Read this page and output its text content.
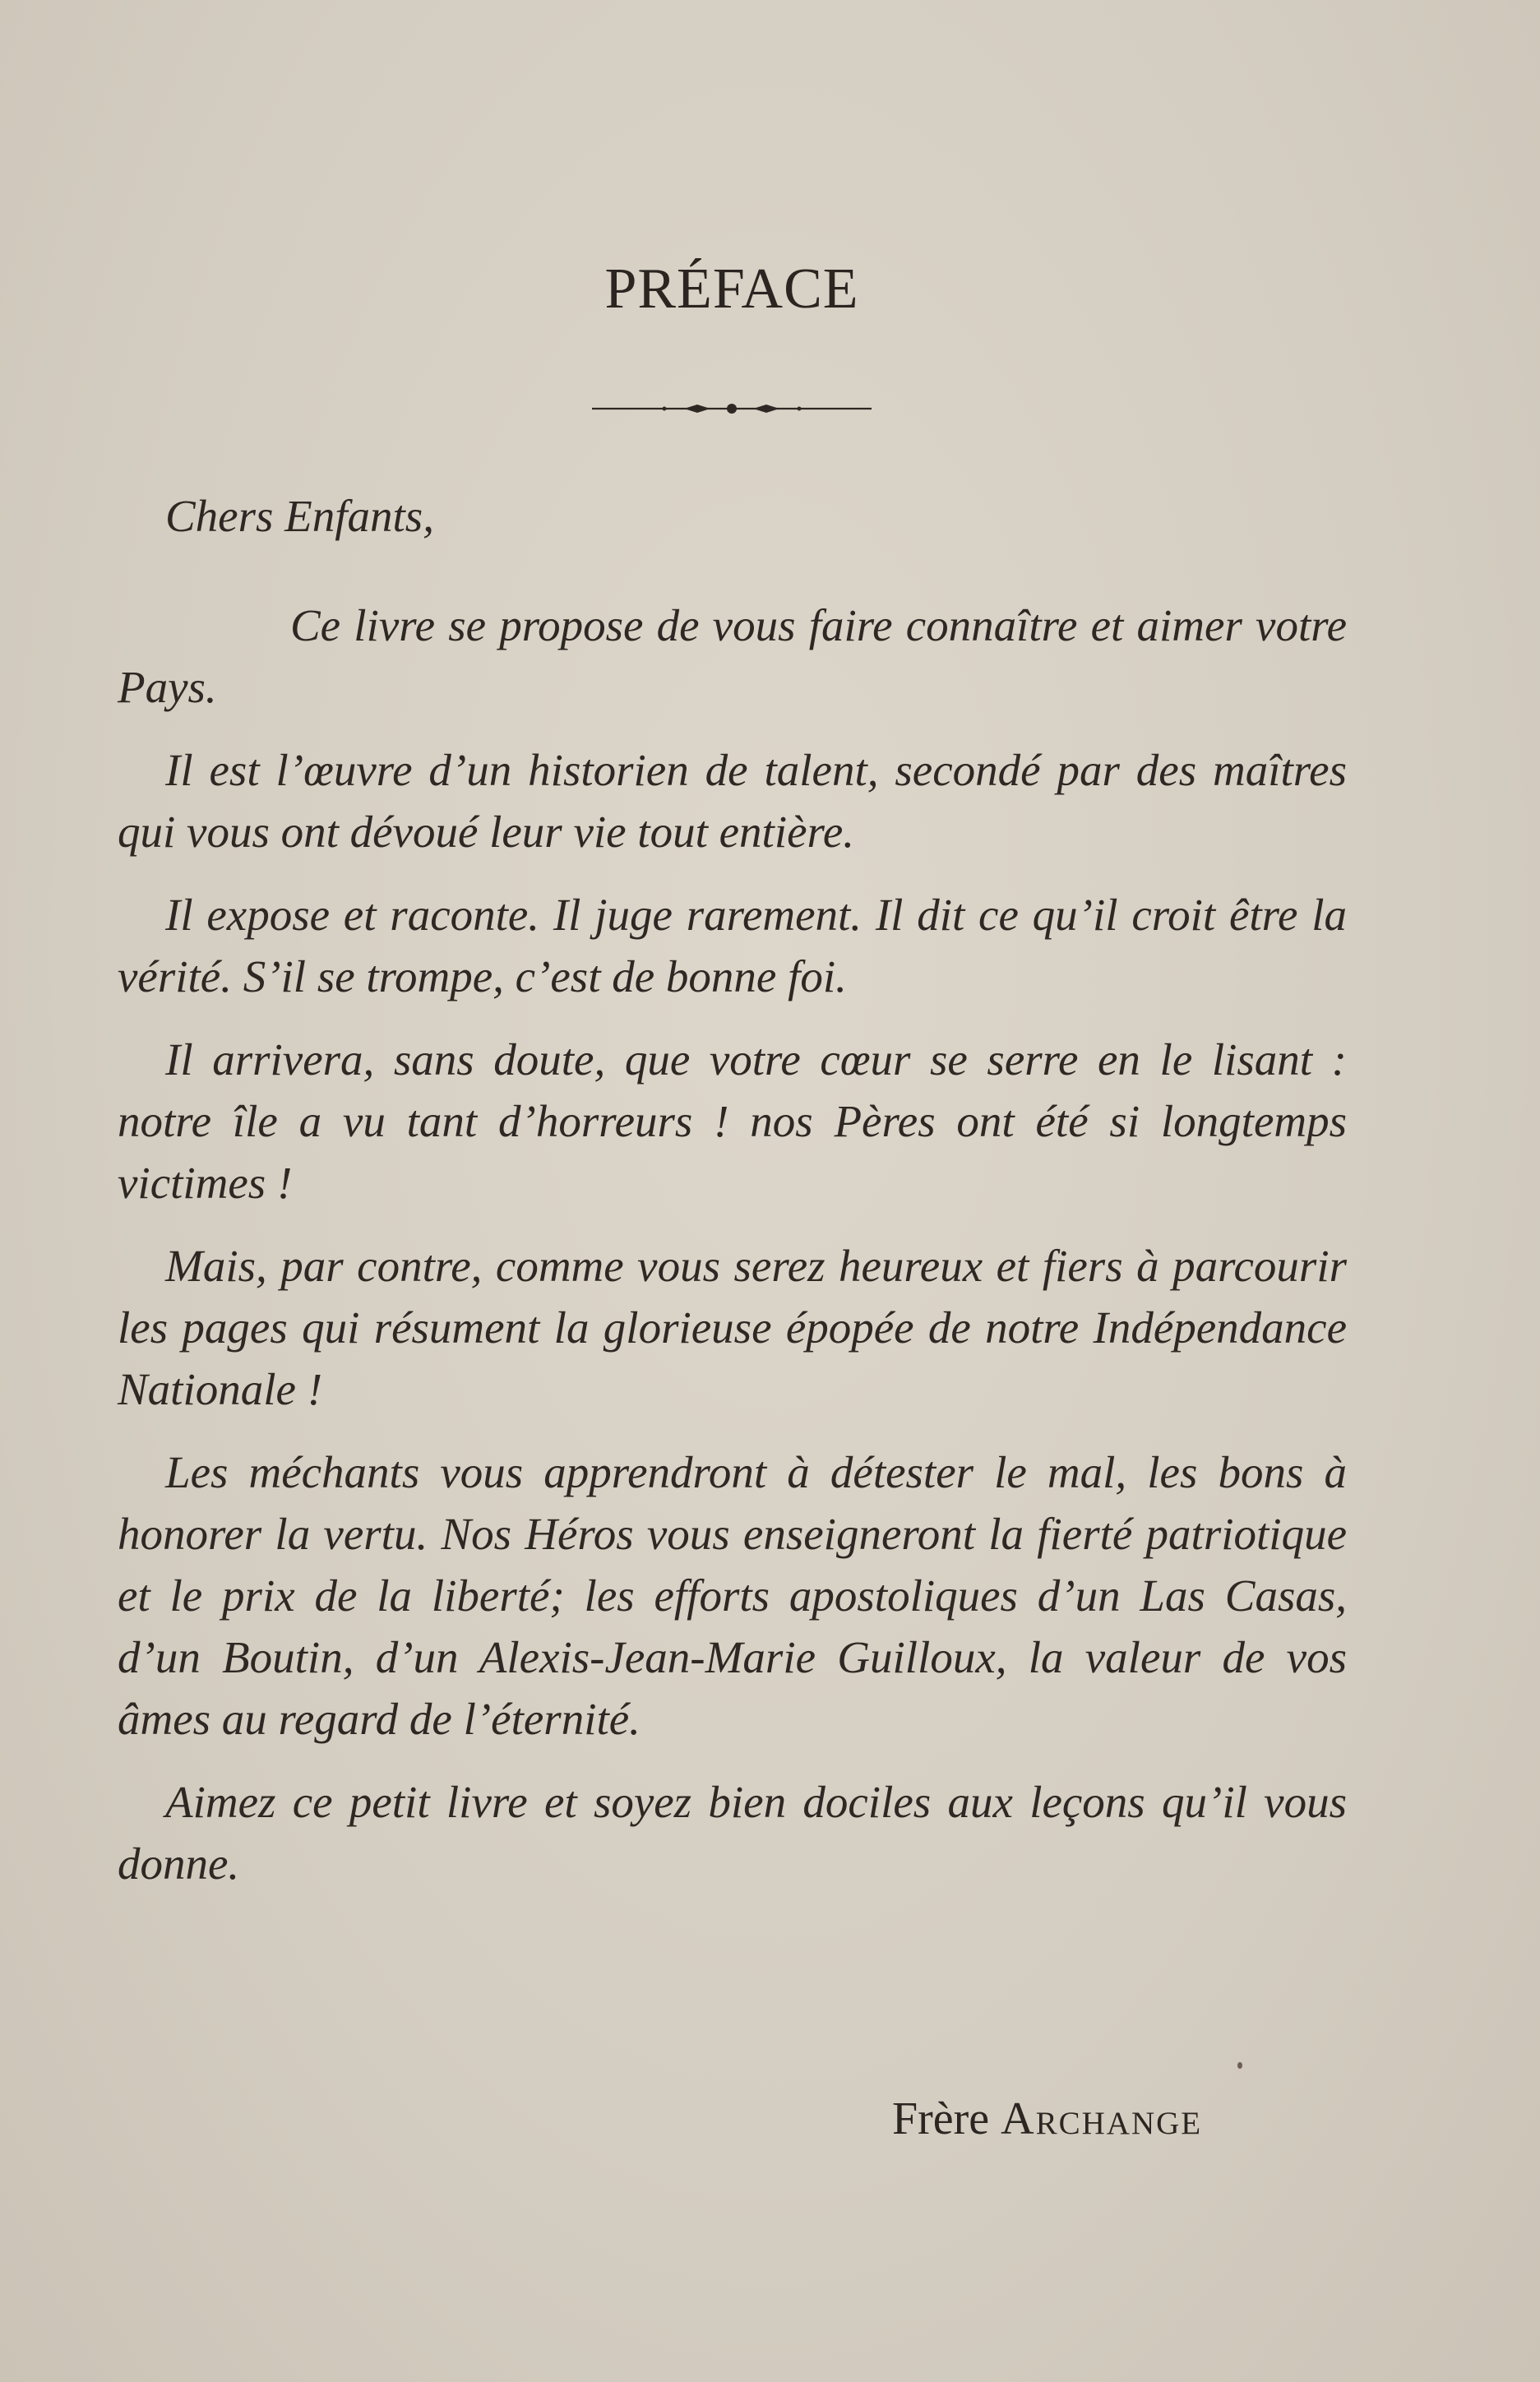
PRÉFACE

Chers Enfants,

Ce livre se propose de vous faire connaître et aimer votre Pays.

Il est l’œuvre d’un historien de talent, secondé par des maîtres qui vous ont dévoué leur vie tout entière.

Il expose et raconte. Il juge rarement. Il dit ce qu’il croit être la vérité. S’il se trompe, c’est de bonne foi.

Il arrivera, sans doute, que votre cœur se serre en le lisant : notre île a vu tant d’horreurs ! nos Pères ont été si longtemps victimes !

Mais, par contre, comme vous serez heureux et fiers à parcourir les pages qui résument la glorieuse épopée de notre Indépendance Nationale !

Les méchants vous apprendront à détester le mal, les bons à honorer la vertu. Nos Héros vous enseigneront la fierté patriotique et le prix de la liberté; les efforts apostoliques d’un Las Casas, d’un Boutin, d’un Alexis-Jean-Marie Guilloux, la valeur de vos âmes au regard de l’éternité.

Aimez ce petit livre et soyez bien dociles aux leçons qu’il vous donne.

Frère Archange
